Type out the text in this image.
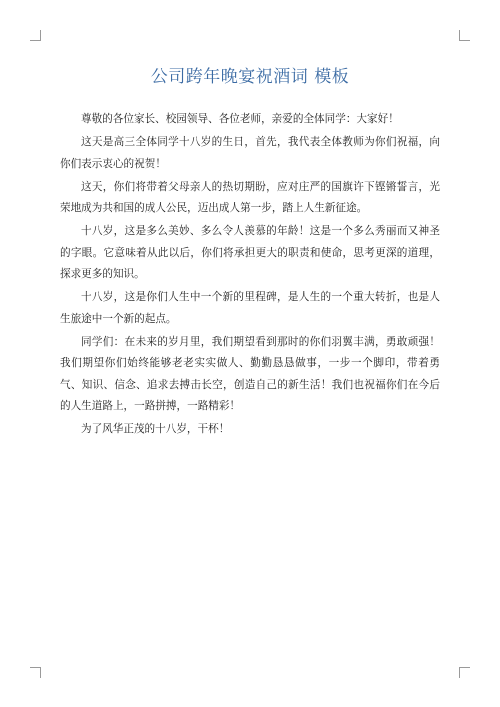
公司跨年晚宴祝酒词 模板

尊敬的各位家长、校园领导、各位老师，亲爱的全体同学：大家好！

这天是高三全体同学十八岁的生日，首先，我代表全体教师为你们祝福，向你们表示衷心的祝贺！

这天，你们将带着父母亲人的热切期盼，应对庄严的国旗许下铿锵誓言，光荣地成为共和国的成人公民，迈出成人第一步，踏上人生新征途。

十八岁，这是多么美妙、多么令人羡慕的年龄！这是一个多么秀丽而又神圣的字眼。它意味着从此以后，你们将承担更大的职责和使命，思考更深的道理，探求更多的知识。

十八岁，这是你们人生中一个新的里程碑，是人生的一个重大转折，也是人生旅途中一个新的起点。

同学们：在未来的岁月里，我们期望看到那时的你们羽翼丰满，勇敢顽强！我们期望你们始终能够老老实实做人、勤勤恳恳做事，一步一个脚印，带着勇气、知识、信念、追求去搏击长空，创造自己的新生活！我们也祝福你们在今后的人生道路上，一路拼搏，一路精彩！

为了风华正茂的十八岁，干杯！
